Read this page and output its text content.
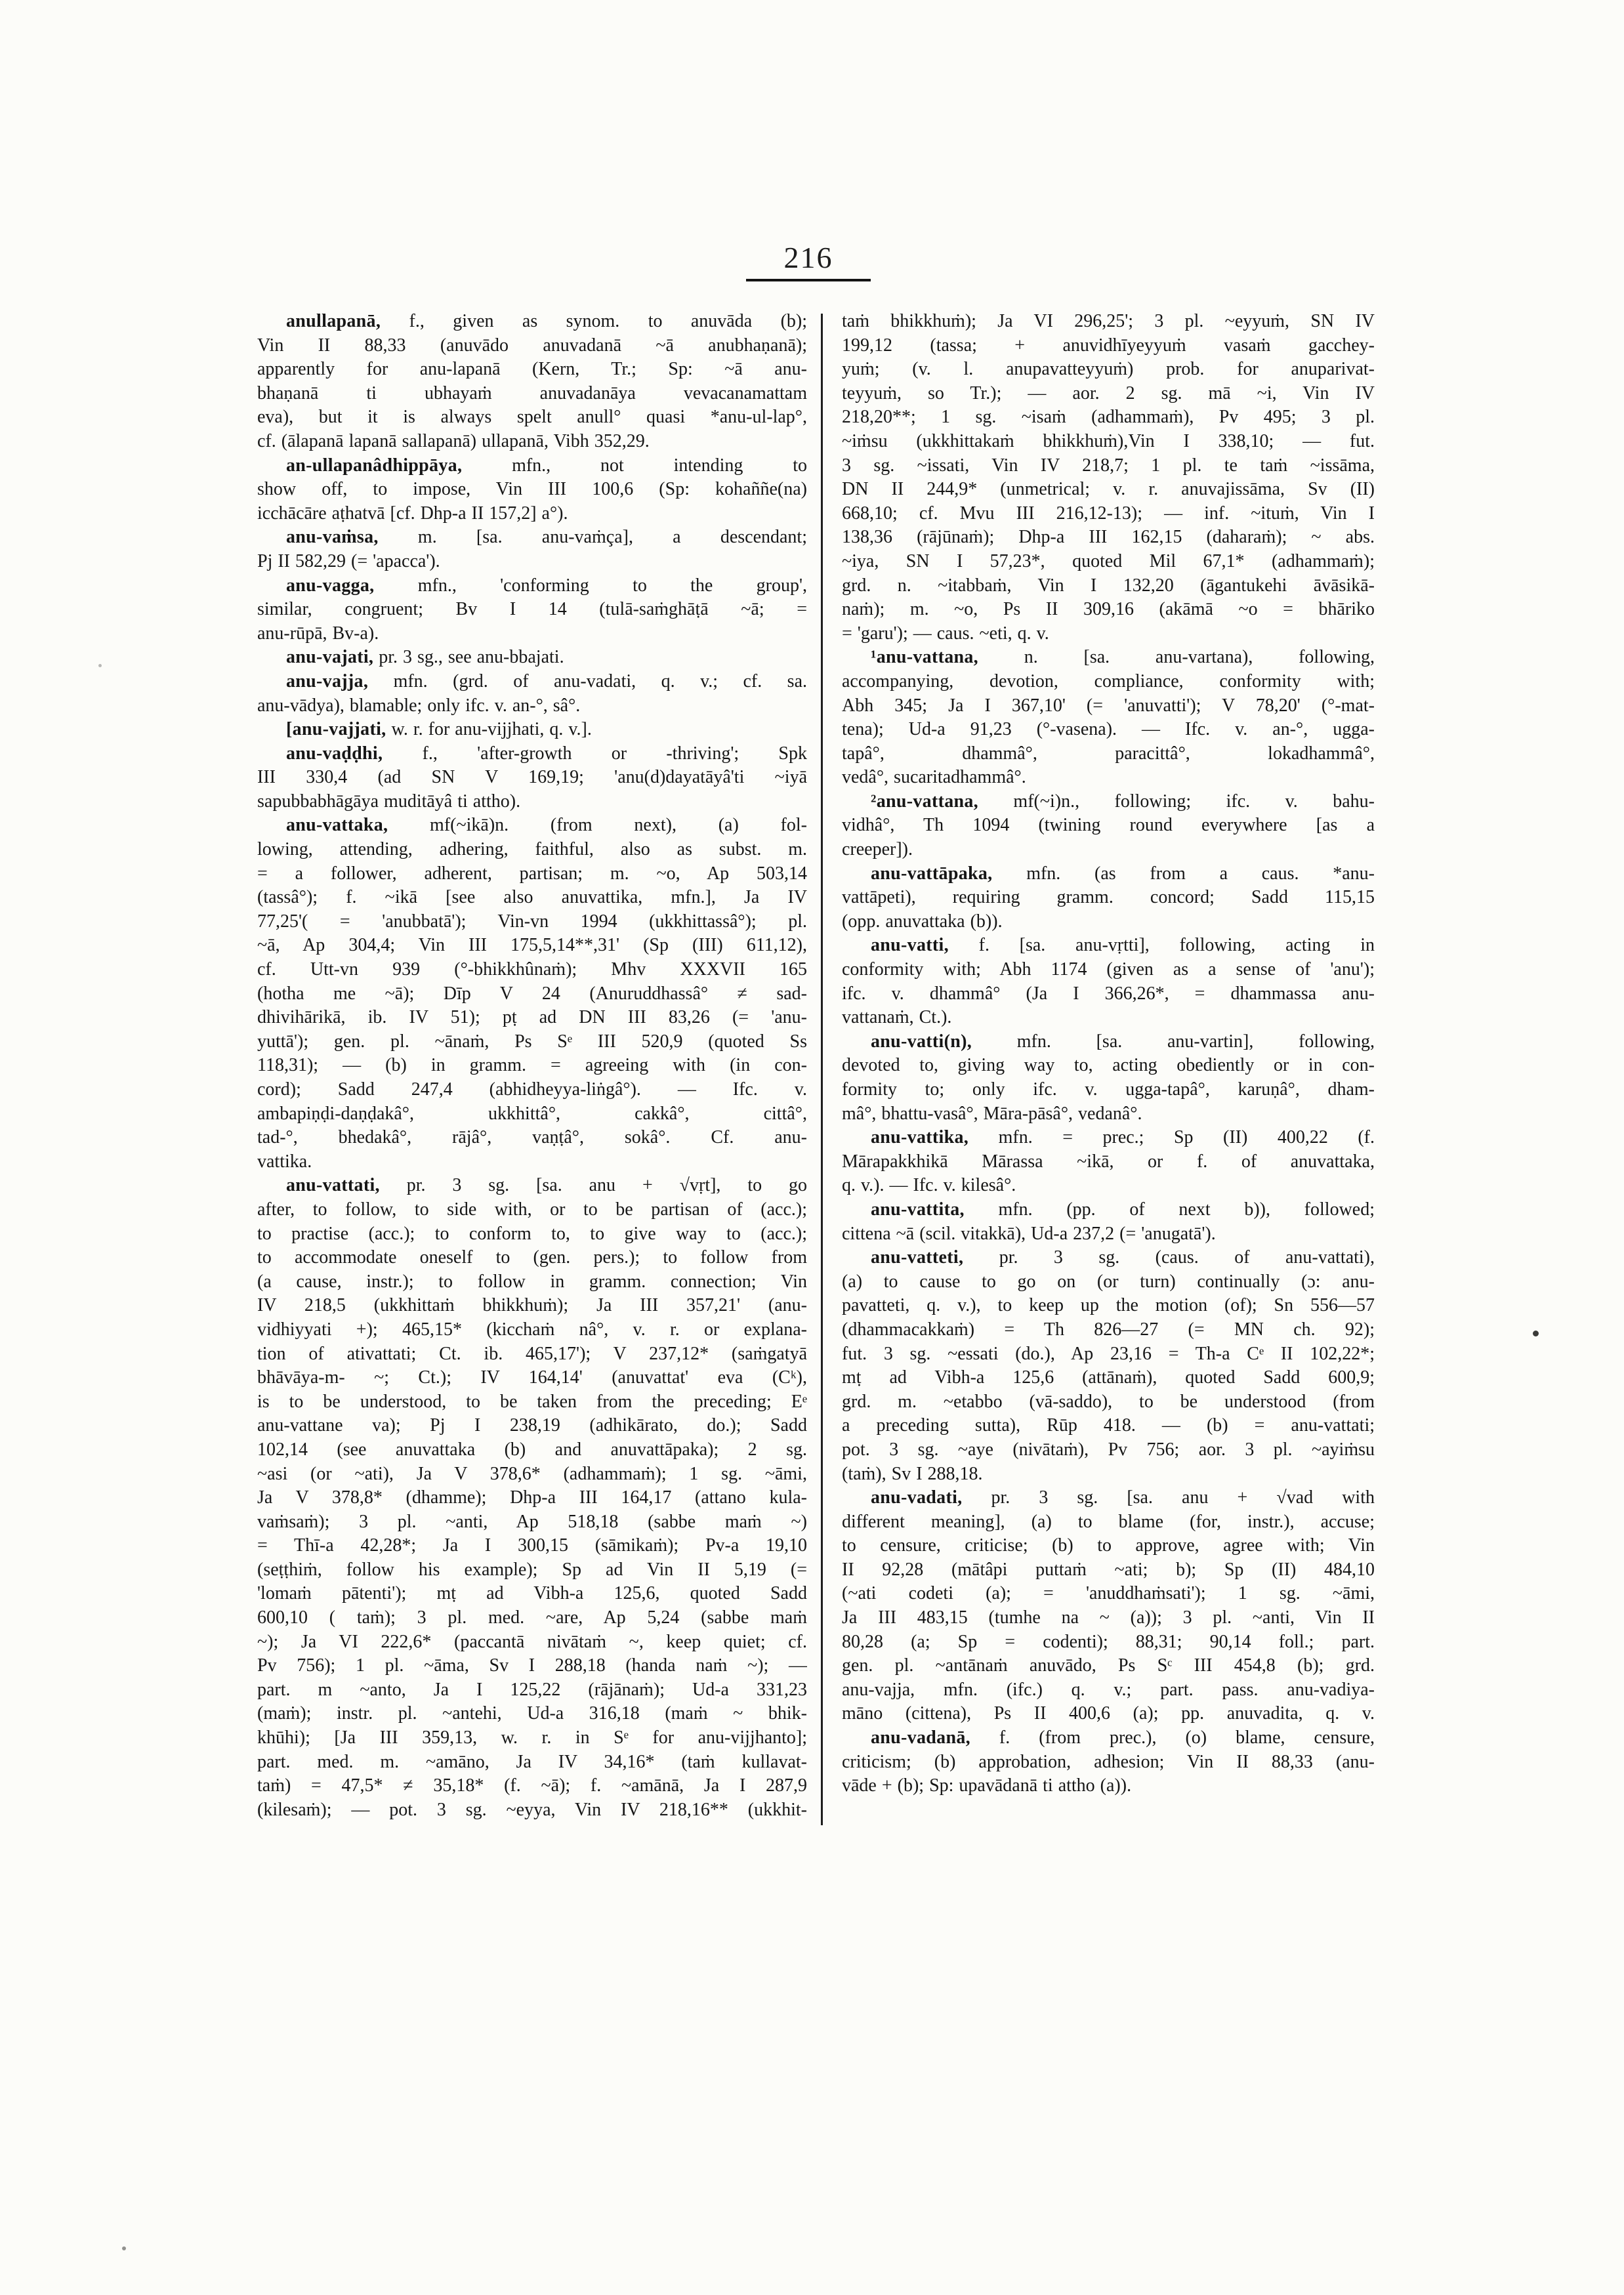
216
anullapanā, f., given as synom. to anuvāda (b);
Vin II 88,33 (anuvādo anuvadanā ~ā anubhaṇanā);
apparently for anu-lapanā (Kern, Tr.; Sp: ~ā anu-
bhaṇanā ti ubhayaṁ anuvadanāya vevacanamattam
eva), but it is always spelt anull° quasi *anu-ul-lap°,
cf. (ālapanā lapanā sallapanā) ullapanā, Vibh 352,29.
an-ullapanâdhippāya, mfn., not intending to
show off, to impose, Vin III 100,6 (Sp: kohaññe(na)
icchācāre aṭhatvā [cf. Dhp-a II 157,2] a°).
anu-vaṁsa, m. [sa. anu-vaṁça], a descendant;
Pj II 582,29 (= 'apacca').
anu-vagga, mfn., 'conforming to the group',
similar, congruent; Bv I 14 (tulā-saṁghāṭā ~ā; =
anu-rūpā, Bv-a).
anu-vajati, pr. 3 sg., see anu-bbajati.
anu-vajja, mfn. (grd. of anu-vadati, q. v.; cf. sa.
anu-vādya), blamable; only ifc. v. an-°, sâ°.
[anu-vajjati, w. r. for anu-vijjhati, q. v.].
anu-vaḍḍhi, f., 'after-growth or -thriving'; Spk
III 330,4 (ad SN V 169,19; 'anu(d)dayatāyâ'ti ~iyā
sapubbabhāgāya muditāyâ ti attho).
anu-vattaka, mf(~ikā)n. (from next), (a) fol-
lowing, attending, adhering, faithful, also as subst. m.
= a follower, adherent, partisan; m. ~o, Ap 503,14
(tassâ°); f. ~ikā [see also anuvattika, mfn.], Ja IV
77,25'( = 'anubbatā'); Vin-vn 1994 (ukkhittassâ°); pl.
~ā, Ap 304,4; Vin III 175,5,14**,31' (Sp (III) 611,12),
cf. Utt-vn 939 (°-bhikkhûnaṁ); Mhv XXXVII 165
(hotha me ~ā); Dīp V 24 (Anuruddhassâ° ≠ sad-
dhivihārikā, ib. IV 51); pṭ ad DN III 83,26 (= 'anu-
yuttā'); gen. pl. ~ānaṁ, Ps Sᵉ III 520,9 (quoted Ss
118,31); — (b) in gramm. = agreeing with (in con-
cord); Sadd 247,4 (abhidheyya-liṅgâ°). — Ifc. v.
ambapiṇḍi-daṇḍakâ°, ukkhittâ°, cakkâ°, cittâ°,
tad-°, bhedakâ°, rājâ°, vaṇṭâ°, sokâ°. Cf. anu-
vattika.
anu-vattati, pr. 3 sg. [sa. anu + √vṛt], to go
after, to follow, to side with, or to be partisan of (acc.);
to practise (acc.); to conform to, to give way to (acc.);
to accommodate oneself to (gen. pers.); to follow from
(a cause, instr.); to follow in gramm. connection; Vin
IV 218,5 (ukkhittaṁ bhikkhuṁ); Ja III 357,21' (anu-
vidhiyyati +); 465,15* (kicchaṁ nâ°, v. r. or explana-
tion of ativattati; Ct. ib. 465,17'); V 237,12* (saṁgatyā
bhāvāya-m- ~; Ct.); IV 164,14' (anuvattat' eva (Cᵏ),
is to be understood, to be taken from the preceding; Eᵉ
anu-vattane va); Pj I 238,19 (adhikārato, do.); Sadd
102,14 (see anuvattaka (b) and anuvattāpaka); 2 sg.
~asi (or ~ati), Ja V 378,6* (adhammaṁ); 1 sg. ~āmi,
Ja V 378,8* (dhamme); Dhp-a III 164,17 (attano kula-
vaṁsaṁ); 3 pl. ~anti, Ap 518,18 (sabbe maṁ ~)
= Thī-a 42,28*; Ja I 300,15 (sāmikaṁ); Pv-a 19,10
(seṭṭhiṁ, follow his example); Sp ad Vin II 5,19 (=
'lomaṁ pātenti'); mṭ ad Vibh-a 125,6, quoted Sadd
600,10 ( taṁ); 3 pl. med. ~are, Ap 5,24 (sabbe maṁ
~); Ja VI 222,6* (paccantā nivātaṁ ~, keep quiet; cf.
Pv 756); 1 pl. ~āma, Sv I 288,18 (handa naṁ ~); —
part. m ~anto, Ja I 125,22 (rājānaṁ); Ud-a 331,23
(maṁ); instr. pl. ~antehi, Ud-a 316,18 (maṁ ~ bhik-
khūhi); [Ja III 359,13, w. r. in Sᵉ for anu-vijjhanto];
part. med. m. ~amāno, Ja IV 34,16* (taṁ kullavat-
taṁ) = 47,5* ≠ 35,18* (f. ~ā); f. ~amānā, Ja I 287,9
(kilesaṁ); — pot. 3 sg. ~eyya, Vin IV 218,16** (ukkhit-
taṁ bhikkhuṁ); Ja VI 296,25'; 3 pl. ~eyyuṁ, SN IV
199,12 (tassa; + anuvidhīyeyyuṁ vasaṁ gacchey-
yuṁ; (v. l. anupavatteyyuṁ) prob. for anuparivat-
teyyuṁ, so Tr.); — aor. 2 sg. mā ~i, Vin IV
218,20**; 1 sg. ~isaṁ (adhammaṁ), Pv 495; 3 pl.
~iṁsu (ukkhittakaṁ bhikkhuṁ),Vin I 338,10; — fut.
3 sg. ~issati, Vin IV 218,7; 1 pl. te taṁ ~issāma,
DN II 244,9* (unmetrical; v. r. anuvajissāma, Sv (II)
668,10; cf. Mvu III 216,12-13); — inf. ~ituṁ, Vin I
138,36 (rājūnaṁ); Dhp-a III 162,15 (daharaṁ); ~ abs.
~iya, SN I 57,23*, quoted Mil 67,1* (adhammaṁ);
grd. n. ~itabbaṁ, Vin I 132,20 (āgantukehi āvāsikā-
naṁ); m. ~o, Ps II 309,16 (akāmā ~o = bhāriko
= 'garu'); — caus. ~eti, q. v.
¹anu-vattana, n. [sa. anu-vartana), following,
accompanying, devotion, compliance, conformity with;
Abh 345; Ja I 367,10' (= 'anuvatti'); V 78,20' (°-mat-
tena); Ud-a 91,23 (°-vasena). — Ifc. v. an-°, ugga-
tapâ°, dhammâ°, paracittâ°, lokadhammâ°,
vedâ°, sucaritadhammâ°.
²anu-vattana, mf(~i)n., following; ifc. v. bahu-
vidhâ°, Th 1094 (twining round everywhere [as a
creeper]).
anu-vattāpaka, mfn. (as from a caus. *anu-
vattāpeti), requiring gramm. concord; Sadd 115,15
(opp. anuvattaka (b)).
anu-vatti, f. [sa. anu-vṛtti], following, acting in
conformity with; Abh 1174 (given as a sense of 'anu');
ifc. v. dhammâ° (Ja I 366,26*, = dhammassa anu-
vattanaṁ, Ct.).
anu-vatti(n), mfn. [sa. anu-vartin], following,
devoted to, giving way to, acting obediently or in con-
formity to; only ifc. v. ugga-tapâ°, karuṇâ°, dham-
mâ°, bhattu-vasâ°, Māra-pāsâ°, vedanâ°.
anu-vattika, mfn. = prec.; Sp (II) 400,22 (f.
Mārapakkhikā Mārassa ~ikā, or f. of anuvattaka,
q. v.). — Ifc. v. kilesâ°.
anu-vattita, mfn. (pp. of next b)), followed;
cittena ~ā (scil. vitakkā), Ud-a 237,2 (= 'anugatā').
anu-vatteti, pr. 3 sg. (caus. of anu-vattati),
(a) to cause to go on (or turn) continually (ɔ: anu-
pavatteti, q. v.), to keep up the motion (of); Sn 556—57
(dhammacakkaṁ) = Th 826—27 (= MN ch. 92);
fut. 3 sg. ~essati (do.), Ap 23,16 = Th-a Cᵉ II 102,22*;
mṭ ad Vibh-a 125,6 (attānaṁ), quoted Sadd 600,9;
grd. m. ~etabbo (vā-saddo), to be understood (from
a preceding sutta), Rūp 418. — (b) = anu-vattati;
pot. 3 sg. ~aye (nivātaṁ), Pv 756; aor. 3 pl. ~ayiṁsu
(taṁ), Sv I 288,18.
anu-vadati, pr. 3 sg. [sa. anu + √vad with
different meaning], (a) to blame (for, instr.), accuse;
to censure, criticise; (b) to approve, agree with; Vin
II 92,28 (mātâpi puttaṁ ~ati; b); Sp (II) 484,10
(~ati codeti (a); = 'anuddhaṁsati'); 1 sg. ~āmi,
Ja III 483,15 (tumhe na ~ (a)); 3 pl. ~anti, Vin II
80,28 (a; Sp = codenti); 88,31; 90,14 foll.; part.
gen. pl. ~antānaṁ anuvādo, Ps Sᶜ III 454,8 (b); grd.
anu-vajja, mfn. (ifc.) q. v.; part. pass. anu-vadiya-
māno (cittena), Ps II 400,6 (a); pp. anuvadita, q. v.
anu-vadanā, f. (from prec.), (o) blame, censure,
criticism; (b) approbation, adhesion; Vin II 88,33 (anu-
vāde + (b); Sp: upavādanā ti attho (a)).
